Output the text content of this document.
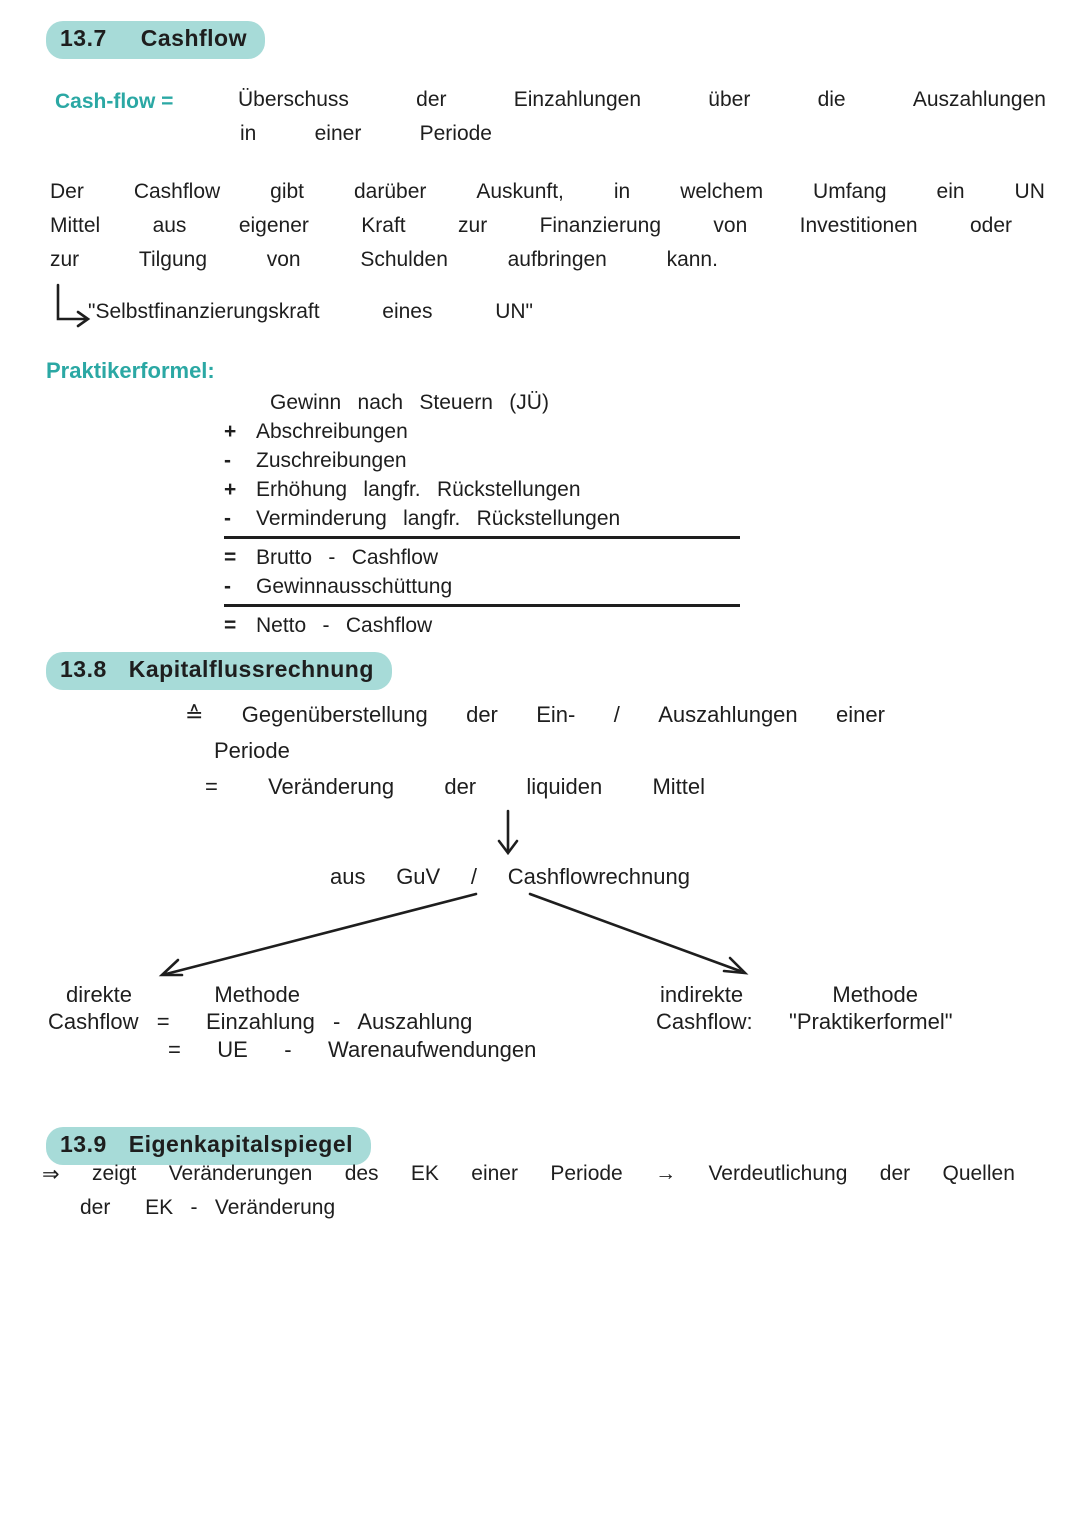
13.7 Cashflow
Cash-flow =	Überschuss	der	Einzahlungen	über	die	Auszahlungen
in	einer	Periode
Der Cashflow gibt darüber Auskunft, in welchem Umfang ein UN
Mittel aus eigener Kraft zur Finanzierung von Investitionen oder
zur	Tilgung	von	Schulden	aufbringen	kann.
"Selbstfinanzierungskraft	eines	UN"
Praktikerformel:
Gewinn nach Steuern (JÜ)
+ Abschreibungen
-	Zuschreibungen
+ Erhöhung langfr. Rückstellungen
-	Verminderung langfr. Rückstellungen
= Brutto - Cashflow
-	Gewinnausschüttung
= Netto - Cashflow
13.8 Kapitalflussrechnung
≙ Gegenüberstellung der Ein- / Auszahlungen einer
Periode
= Veränderung der liquiden Mittel
aus GuV / Cashflowrechnung
direkte	Methode
Cashflow =  Einzahlung - Auszahlung
=  UE  -  Warenaufwendungen
indirekte	Methode
Cashflow:  "Praktikerformel"
13.9 Eigenkapitalspiegel
⇒ zeigt Veränderungen des EK einer Periode → Verdeutlichung der Quellen
der  EK - Veränderung
